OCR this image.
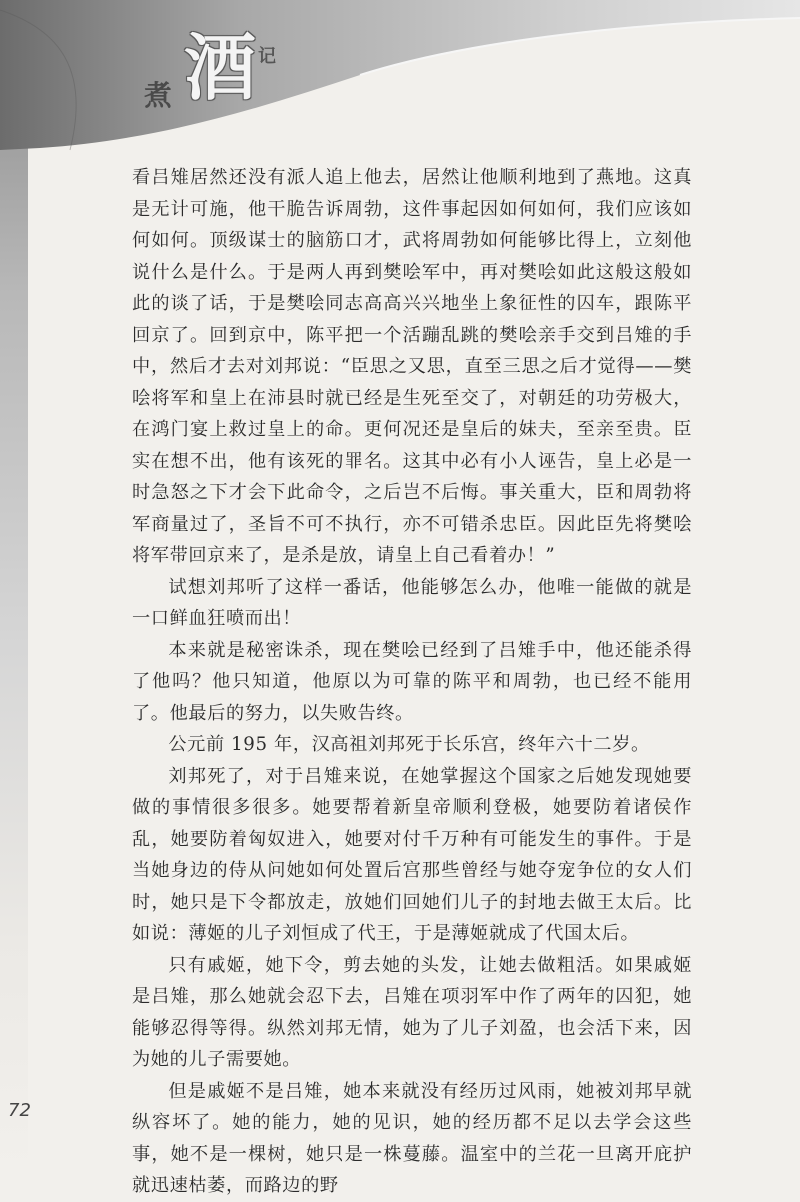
煮 酒 记

看吕雉居然还没有派人追上他去，居然让他顺利地到了燕地。这真是无计可施，他干脆告诉周勃，这件事起因如何如何，我们应该如何如何。顶级谋士的脑筋口才，武将周勃如何能够比得上，立刻他说什么是什么。于是两人再到樊哙军中，再对樊哙如此这般这般如此的谈了话，于是樊哙同志高高兴兴地坐上象征性的囚车，跟陈平回京了。回到京中，陈平把一个活蹦乱跳的樊哙亲手交到吕雉的手中，然后才去对刘邦说：“臣思之又思，直至三思之后才觉得——樊哙将军和皇上在沛县时就已经是生死至交了，对朝廷的功劳极大，在鸿门宴上救过皇上的命。更何况还是皇后的妹夫，至亲至贵。臣实在想不出，他有该死的罪名。这其中必有小人诬告，皇上必是一时急怒之下才会下此命令，之后岂不后悔。事关重大，臣和周勃将军商量过了，圣旨不可不执行，亦不可错杀忠臣。因此臣先将樊哙将军带回京来了，是杀是放，请皇上自己看着办！”

试想刘邦听了这样一番话，他能够怎么办，他唯一能做的就是一口鲜血狂喷而出！

本来就是秘密诛杀，现在樊哙已经到了吕雉手中，他还能杀得了他吗？他只知道，他原以为可靠的陈平和周勃，也已经不能用了。他最后的努力，以失败告终。

公元前 195 年，汉高祖刘邦死于长乐宫，终年六十二岁。

刘邦死了，对于吕雉来说，在她掌握这个国家之后她发现她要做的事情很多很多。她要帮着新皇帝顺利登极，她要防着诸侯作乱，她要防着匈奴进入，她要对付千万种有可能发生的事件。于是当她身边的侍从问她如何处置后宫那些曾经与她夺宠争位的女人们时，她只是下令都放走，放她们回她们儿子的封地去做王太后。比如说：薄姬的儿子刘恒成了代王，于是薄姬就成了代国太后。

只有戚姬，她下令，剪去她的头发，让她去做粗活。如果戚姬是吕雉，那么她就会忍下去，吕雉在项羽军中作了两年的囚犯，她能够忍得等得。纵然刘邦无情，她为了儿子刘盈，也会活下来，因为她的儿子需要她。

但是戚姬不是吕雉，她本来就没有经历过风雨，她被刘邦早就纵容坏了。她的能力，她的见识，她的经历都不足以去学会这些事，她不是一棵树，她只是一株蔓藤。温室中的兰花一旦离开庇护就迅速枯萎，而路边的野

72
